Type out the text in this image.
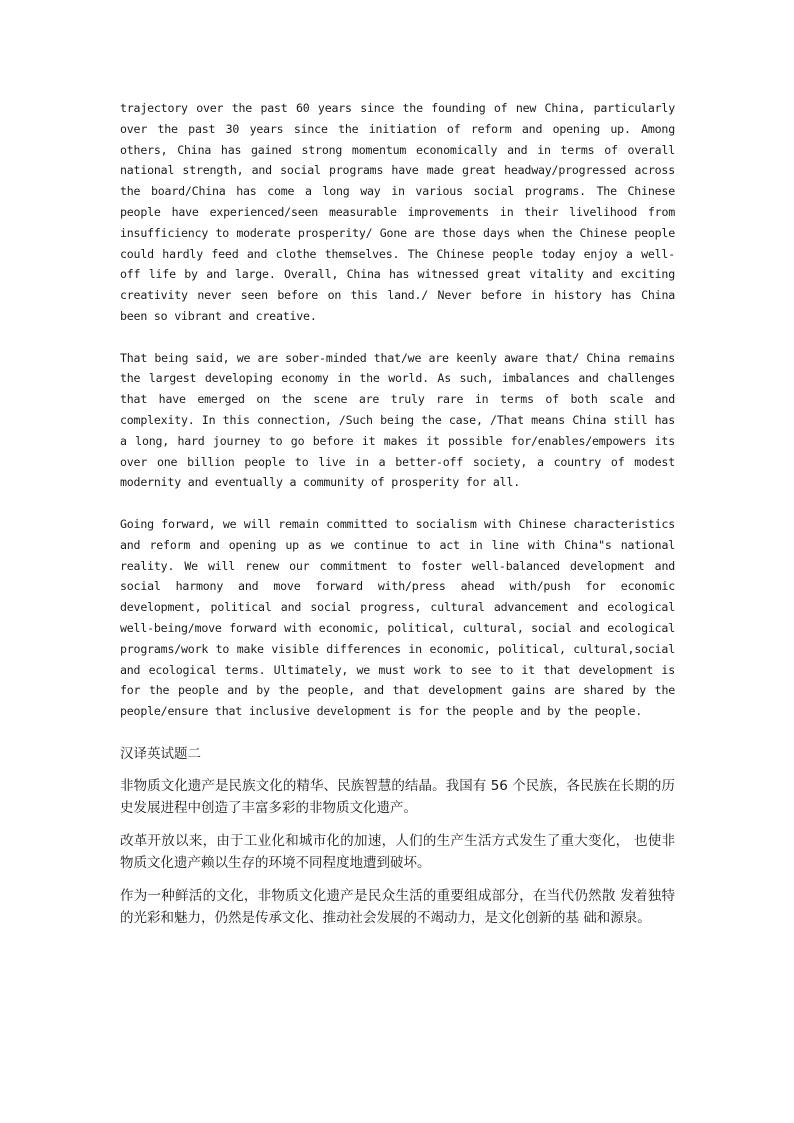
trajectory over the past 60 years since the founding of new China, particularly over the past 30 years since the initiation of reform and opening up. Among others, China has gained strong momentum economically and in terms of overall national strength, and social programs have made great headway/progressed across the board/China has come a long way in various social programs. The Chinese people have experienced/seen measurable improvements in their livelihood from insufficiency to moderate prosperity/ Gone are those days when the Chinese people could hardly feed and clothe themselves. The Chinese people today enjoy a well-off life by and large. Overall, China has witnessed great vitality and exciting creativity never seen before on this land./ Never before in history has China been so vibrant and creative.

That being said, we are sober-minded that/we are keenly aware that/ China remains the largest developing economy in the world. As such, imbalances and challenges that have emerged on the scene are truly rare in terms of both scale and complexity. In this connection, /Such being the case, /That means China still has a long, hard journey to go before it makes it possible for/enables/empowers its over one billion people to live in a better-off society, a country of modest modernity and eventually a community of prosperity for all.

Going forward, we will remain committed to socialism with Chinese characteristics and reform and opening up as we continue to act in line with China"s national reality. We will renew our commitment to foster well-balanced development and social harmony and move forward with/press ahead with/push for economic development, political and social progress, cultural advancement and ecological well-being/move forward with economic, political, cultural, social and ecological programs/work to make visible differences in economic, political, cultural,social and ecological terms. Ultimately, we must work to see to it that development is for the people and by the people, and that development gains are shared by the people/ensure that inclusive development is for the people and by the people.

汉译英试题二

非物质文化遗产是民族文化的精华、民族智慧的结晶。我国有 56 个民族，各民族在长期的历史发展进程中创造了丰富多彩的非物质文化遗产。

改革开放以来，由于工业化和城市化的加速，人们的生产生活方式发生了重大变化， 也使非物质文化遗产赖以生存的环境不同程度地遭到破坏。

作为一种鲜活的文化，非物质文化遗产是民众生活的重要组成部分，在当代仍然散 发着独特的光彩和魅力，仍然是传承文化、推动社会发展的不竭动力，是文化创新的基 础和源泉。
